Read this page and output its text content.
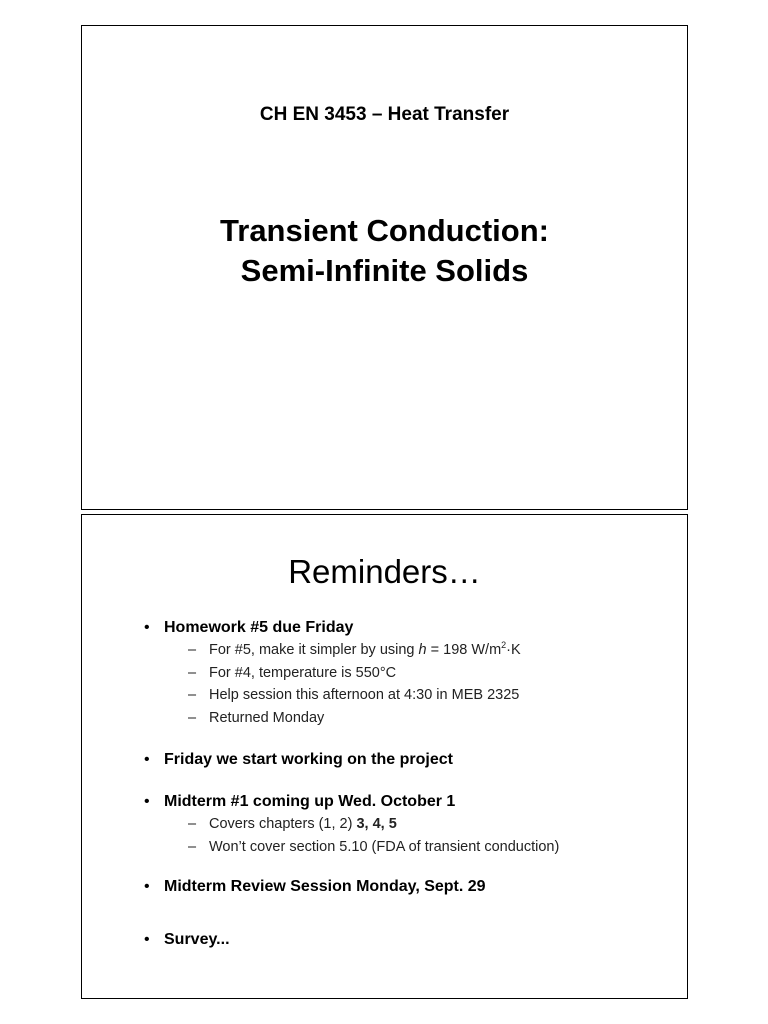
CH EN 3453 – Heat Transfer
Transient Conduction:
Semi-Infinite Solids
Reminders…
• Homework #5 due Friday
– For #5, make it simpler by using h = 198 $W/m^2\cdot K$
– For #4, temperature is 550°C
– Help session this afternoon at 4:30 in MEB 2325
– Returned Monday
• Friday we start working on the project
• Midterm #1 coming up Wed. October 1
– Covers chapters (1, 2) 3, 4, 5
– Won’t cover section 5.10 (FDA of transient conduction)
• Midterm Review Session Monday, Sept. 29
• Survey...
